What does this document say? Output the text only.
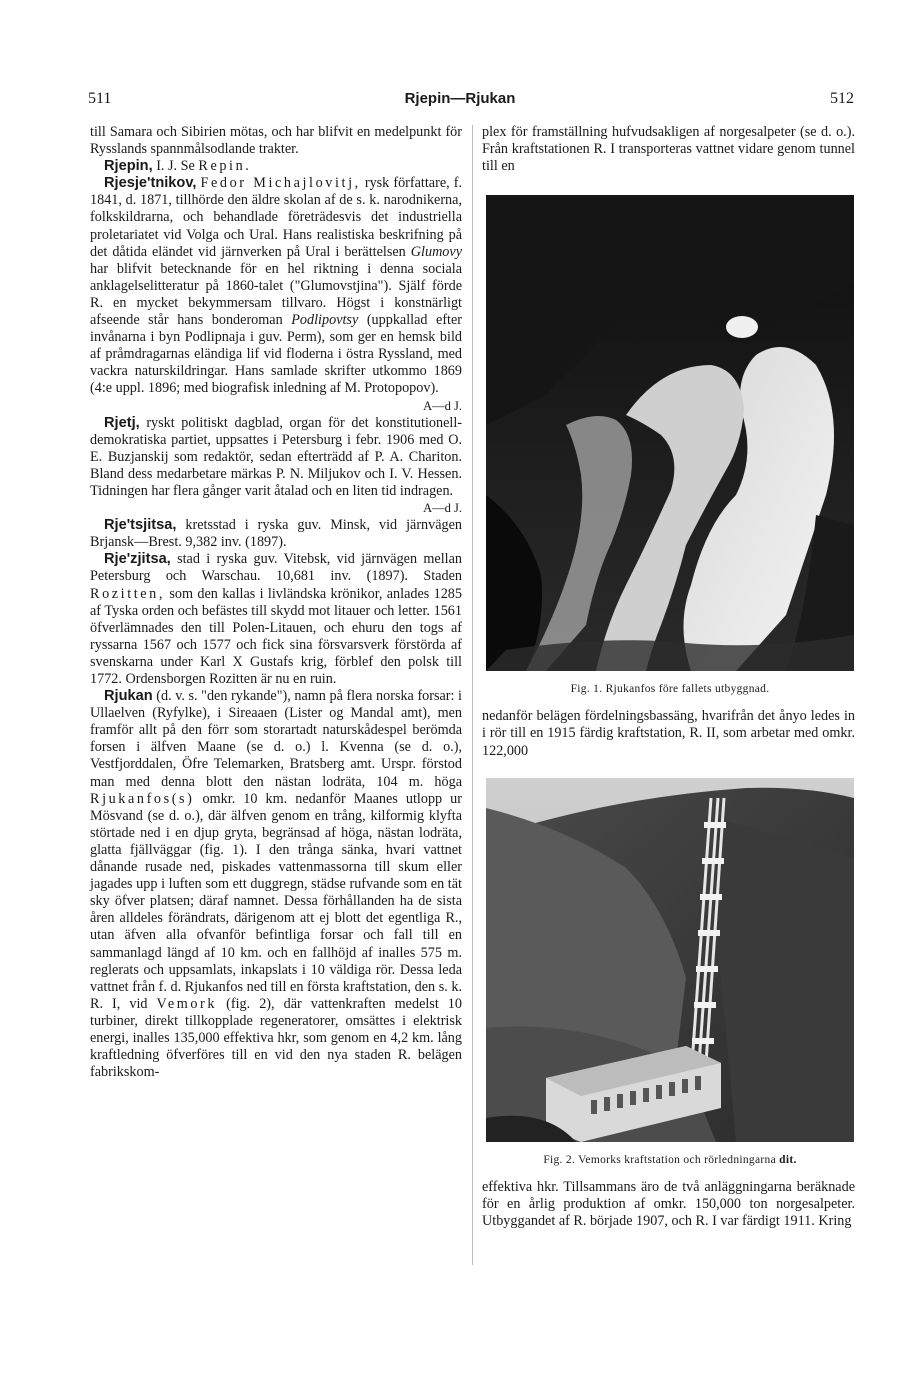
511	Rjepin—Rjukan	512

till Samara och Sibirien mötas, och har blifvit en medelpunkt för Rysslands spannmålsodlande trakter.

Rjepin, I. J. Se Repin.

Rjesje'tnikov, Fedor Michajlovitj, rysk författare, f. 1841, d. 1871, tillhörde den äldre skolan af de s. k. narodnikerna, folkskildrarna, och behandlade företrädesvis det industriella proletariatet vid Volga och Ural. Hans realistiska beskrifning på det dåtida eländet vid järnverken på Ural i berättelsen Glumovy har blifvit betecknande för en hel riktning i denna sociala anklagelselitteratur på 1860-talet ("Glumovstjina"). Själf förde R. en mycket bekymmersam tillvaro. Högst i konstnärligt afseende står hans bonderoman Podlipovtsy (uppkallad efter invånarna i byn Podlipnaja i guv. Perm), som ger en hemsk bild af pråmdragarnas eländiga lif vid floderna i östra Ryssland, med vackra naturskildringar. Hans samlade skrifter utkommo 1869 (4:e uppl. 1896; med biografisk inledning af M. Protopopov).
A—d J.

Rjetj, ryskt politiskt dagblad, organ för det konstitutionell-demokratiska partiet, uppsattes i Petersburg i febr. 1906 med O. E. Buzjanskij som redaktör, sedan efterträdd af P. A. Chariton. Bland dess medarbetare märkas P. N. Miljukov och I. V. Hessen. Tidningen har flera gånger varit åtalad och en liten tid indragen.
A—d J.

Rje'tsjitsa, kretsstad i ryska guv. Minsk, vid järnvägen Brjansk—Brest. 9,382 inv. (1897).

Rje'zjitsa, stad i ryska guv. Vitebsk, vid järnvägen mellan Petersburg och Warschau. 10,681 inv. (1897). Staden Rozitten, som den kallas i livländska krönikor, anlades 1285 af Tyska orden och befästes till skydd mot litauer och letter. 1561 öfverlämnades den till Polen-Litauen, och ehuru den togs af ryssarna 1567 och 1577 och fick sina försvarsverk förstörda af svenskarna under Karl X Gustafs krig, förblef den polsk till 1772. Ordensborgen Rozitten är nu en ruin.

Rjukan (d. v. s. "den rykande"), namn på flera norska forsar: i Ullaelven (Ryfylke), i Sireaaen (Lister og Mandal amt), men framför allt på den förr som storartadt naturskådespel berömda forsen i älfven Maane (se d. o.) l. Kvenna (se d. o.), Vestfjorddalen, Öfre Telemarken, Bratsberg amt. Urspr. förstod man med denna blott den nästan lodräta, 104 m. höga Rjukanfos(s) omkr. 10 km. nedanför Maanes utlopp ur Mösvand (se d. o.), där älfven genom en trång, kilformig klyfta störtade ned i en djup gryta, begränsad af höga, nästan lodräta, glatta fjällväggar (fig. 1). I den trånga sänka, hvari vattnet dånande rusade ned, piskades vattenmassorna till skum eller jagades upp i luften som ett duggregn, städse rufvande som en tät sky öfver platsen; däraf namnet. Dessa förhållanden ha de sista åren alldeles förändrats, därigenom att ej blott det egentliga R., utan äfven alla ofvanför befintliga forsar och fall till en sammanlagd längd af 10 km. och en fallhöjd af inalles 575 m. reglerats och uppsamlats, inkapslats i 10 väldiga rör. Dessa leda vattnet från f. d. Rjukanfos ned till en första kraftstation, den s. k. R. I, vid Vemork (fig. 2), där vattenkraften medelst 10 turbiner, direkt tillkopplade regeneratorer, omsättes i elektrisk energi, inalles 135,000 effektiva hkr, som genom en 4,2 km. lång kraftledning öfverföres till en vid den nya staden R. belägen fabrikskom-

plex för framställning hufvudsakligen af norgesalpeter (se d. o.). Från kraftstationen R. I transporteras vattnet vidare genom tunnel till en

Fig. 1. Rjukanfos före fallets utbyggnad.

nedanför belägen fördelningsbassäng, hvarifrån det ånyo ledes in i rör till en 1915 färdig kraftstation, R. II, som arbetar med omkr. 122,000

Fig. 2. Vemorks kraftstation och rörledningarna dit.

effektiva hkr. Tillsammans äro de två anläggningarna beräknade för en årlig produktion af omkr. 150,000 ton norgesalpeter. Utbyggandet af R. började 1907, och R. I var färdigt 1911. Kring
